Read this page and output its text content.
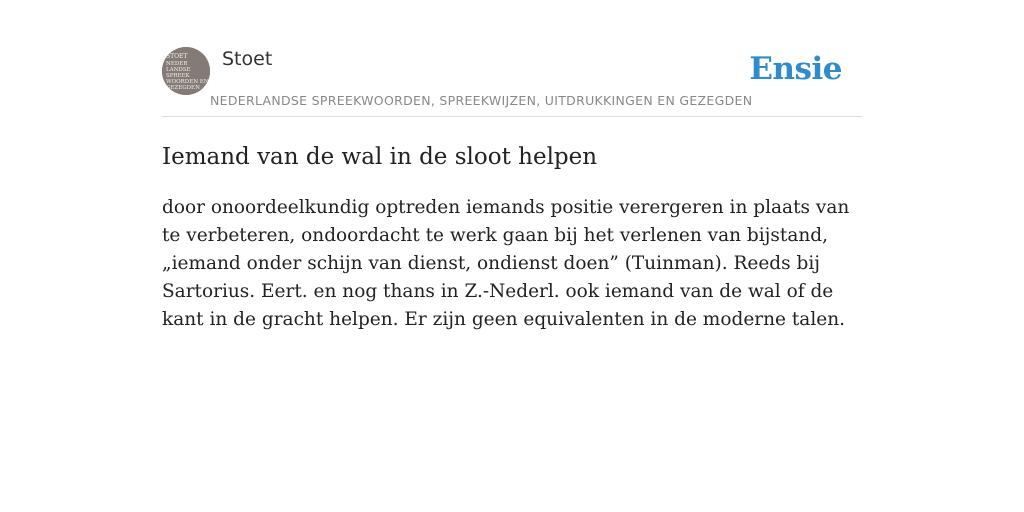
STOET
NEDER
LANDSE
SPREEK
WOORDEN EN
GEZEGDEN
Stoet
NEDERLANDSE SPREEKWOORDEN, SPREEKWIJZEN, UITDRUKKINGEN EN GEZEGDEN
Ensie
Iemand van de wal in de sloot helpen

door onoordeelkundig optreden iemands positie verergeren in plaats van te verbeteren, ondoordacht te werk gaan bij het verlenen van bijstand, „iemand onder schijn van dienst, ondienst doen” (Tuinman). Reeds bij Sartorius. Eert. en nog thans in Z.-Nederl. ook iemand van de wal of de kant in de gracht helpen. Er zijn geen equivalenten in de moderne talen.
